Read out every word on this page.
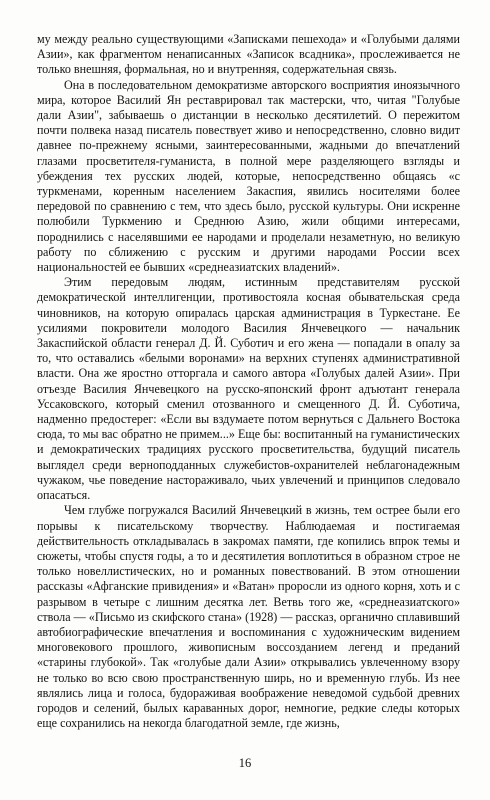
му между реально существующими «Записками пешехода» и «Голубыми далями Азии», как фрагментом ненаписанных «Записок всадника», прослеживается не только внешняя, формальная, но и внутренняя, содержательная связь.

Она в последовательном демократизме авторского восприятия иноязычного мира, которое Василий Ян реставрировал так мастерски, что, читая "Голубые дали Азии", забываешь о дистанции в несколько десятилетий. О пережитом почти полвека назад писатель повествует живо и непосредственно, словно видит давнее по-прежнему ясными, заинтересованными, жадными до впечатлений глазами просветителя-гуманиста, в полной мере разделяющего взгляды и убеждения тех русских людей, которые, непосредственно общаясь «с туркменами, коренным населением Закаспия, явились носителями более передовой по сравнению с тем, что здесь было, русской культуры. Они искренне полюбили Туркмению и Среднюю Азию, жили общими интересами, породнились с населявшими ее народами и проделали незаметную, но великую работу по сближению с русским и другими народами России всех национальностей ее бывших «среднеазиатских владений».

Этим передовым людям, истинным представителям русской демократической интеллигенции, противостояла косная обывательская среда чиновников, на которую опиралась царская администрация в Туркестане. Ее усилиями покровители молодого Василия Янчевецкого — начальник Закаспийской области генерал Д. Й. Суботич и его жена — попадали в опалу за то, что оставались «белыми воронами» на верхних ступенях административной власти. Она же яростно отторгала и самого автора «Голубых далей Азии». При отъезде Василия Янчевецкого на русско-японский фронт адъютант генерала Уссаковского, который сменил отозванного и смещенного Д. Й. Суботича, надменно предостерег: «Если вы вздумаете потом вернуться с Дальнего Востока сюда, то мы вас обратно не примем...» Еще бы: воспитанный на гуманистических и демократических традициях русского просветительства, будущий писатель выглядел среди верноподданных служебистов-охранителей неблагонадежным чужаком, чье поведение настораживало, чьих увлечений и принципов следовало опасаться.

Чем глубже погружался Василий Янчевецкий в жизнь, тем острее были его порывы к писательскому творчеству. Наблюдаемая и постигаемая действительность откладывалась в закромах памяти, где копились впрок темы и сюжеты, чтобы спустя годы, а то и десятилетия воплотиться в образном строе не только новеллистических, но и романных повествований. В этом отношении рассказы «Афганские привидения» и «Ватан» проросли из одного корня, хоть и с разрывом в четыре с лишним десятка лет. Ветвь того же, «среднеазиатского» ствола — «Письмо из скифского стана» (1928) — рассказ, органично сплавивший автобиографические впечатления и воспоминания с художническим видением многовекового прошлого, живописным воссозданием легенд и преданий «старины глубокой». Так «голубые дали Азии» открывались увлеченному взору не только во всю свою пространственную ширь, но и временную глубь. Из нее являлись лица и голоса, будораживая воображение неведомой судьбой древних городов и селений, былых караванных дорог, немногие, редкие следы которых еще сохранились на некогда благодатной земле, где жизнь,

16
